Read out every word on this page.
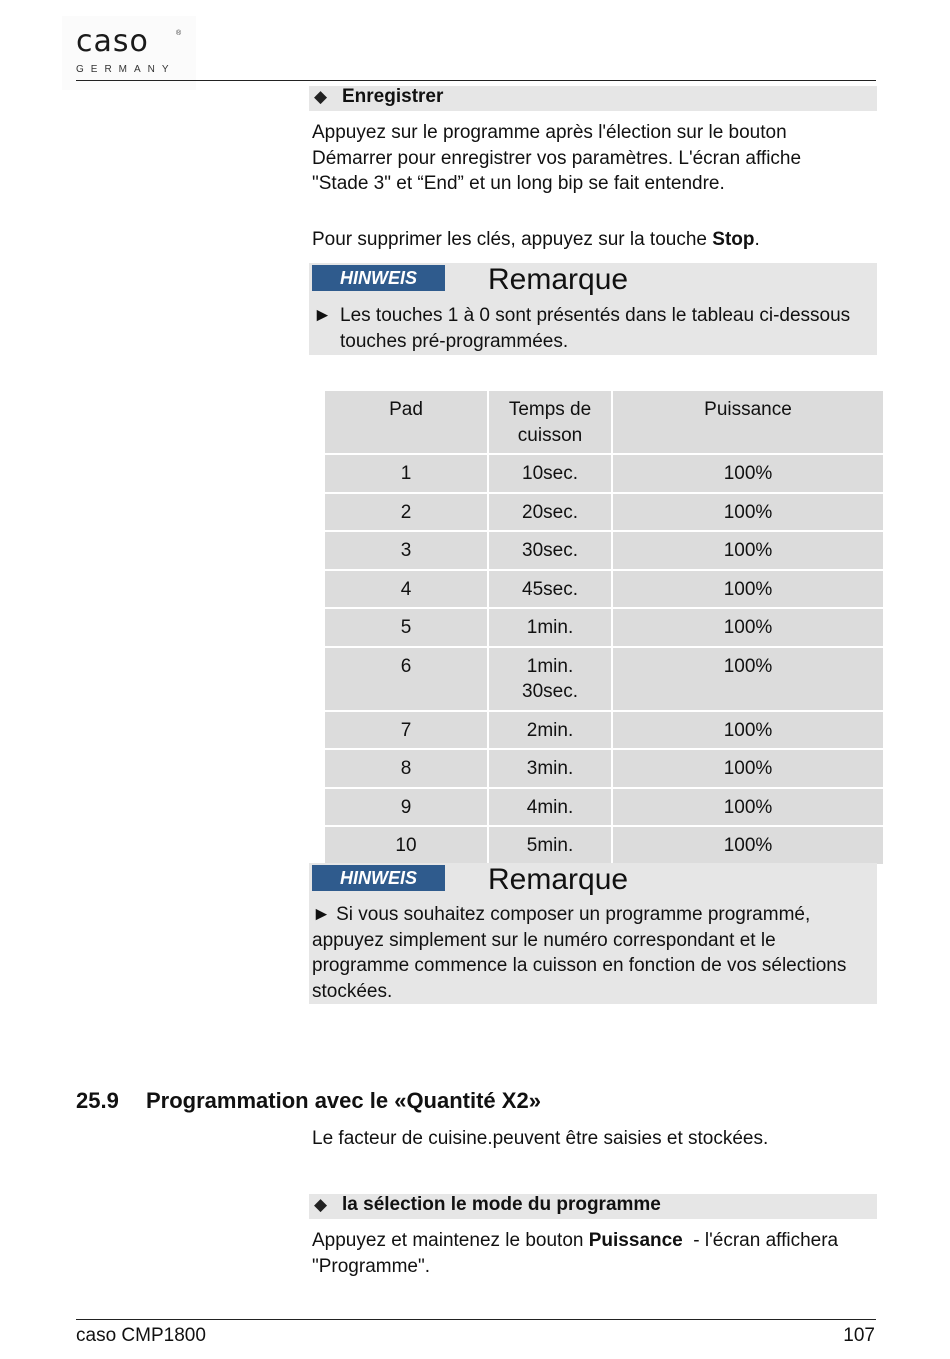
caso	®
GERMANY
◆ Enregistrer
Appuyez sur le programme après l'élection sur le bouton
Démarrer pour enregistrer vos paramètres. L'écran affiche
"Stade 3" et “End” et un long bip se fait entendre.
Pour supprimer les clés, appuyez sur la touche Stop.
HINWEIS	Remarque
► Les touches 1 à 0 sont présentés dans le tableau ci-dessous
touches pré-programmées.
Pad	Temps de cuisson	Puissance
1	10sec.	100%
2	20sec.	100%
3	30sec.	100%
4	45sec.	100%
5	1min.	100%
6	1min. 30sec.	100%
7	2min.	100%
8	3min.	100%
9	4min.	100%
10	5min.	100%
HINWEIS	Remarque
► Si vous souhaitez composer un programme programmé,
appuyez simplement sur le numéro correspondant et le
programme commence la cuisson en fonction de vos sélections
stockées.
25.9 Programmation avec le «Quantité X2»
Le facteur de cuisine.peuvent être saisies et stockées.
◆ la sélection le mode du programme
Appuyez et maintenez le bouton Puissance  - l'écran affichera
"Programme".
caso CMP1800	107
